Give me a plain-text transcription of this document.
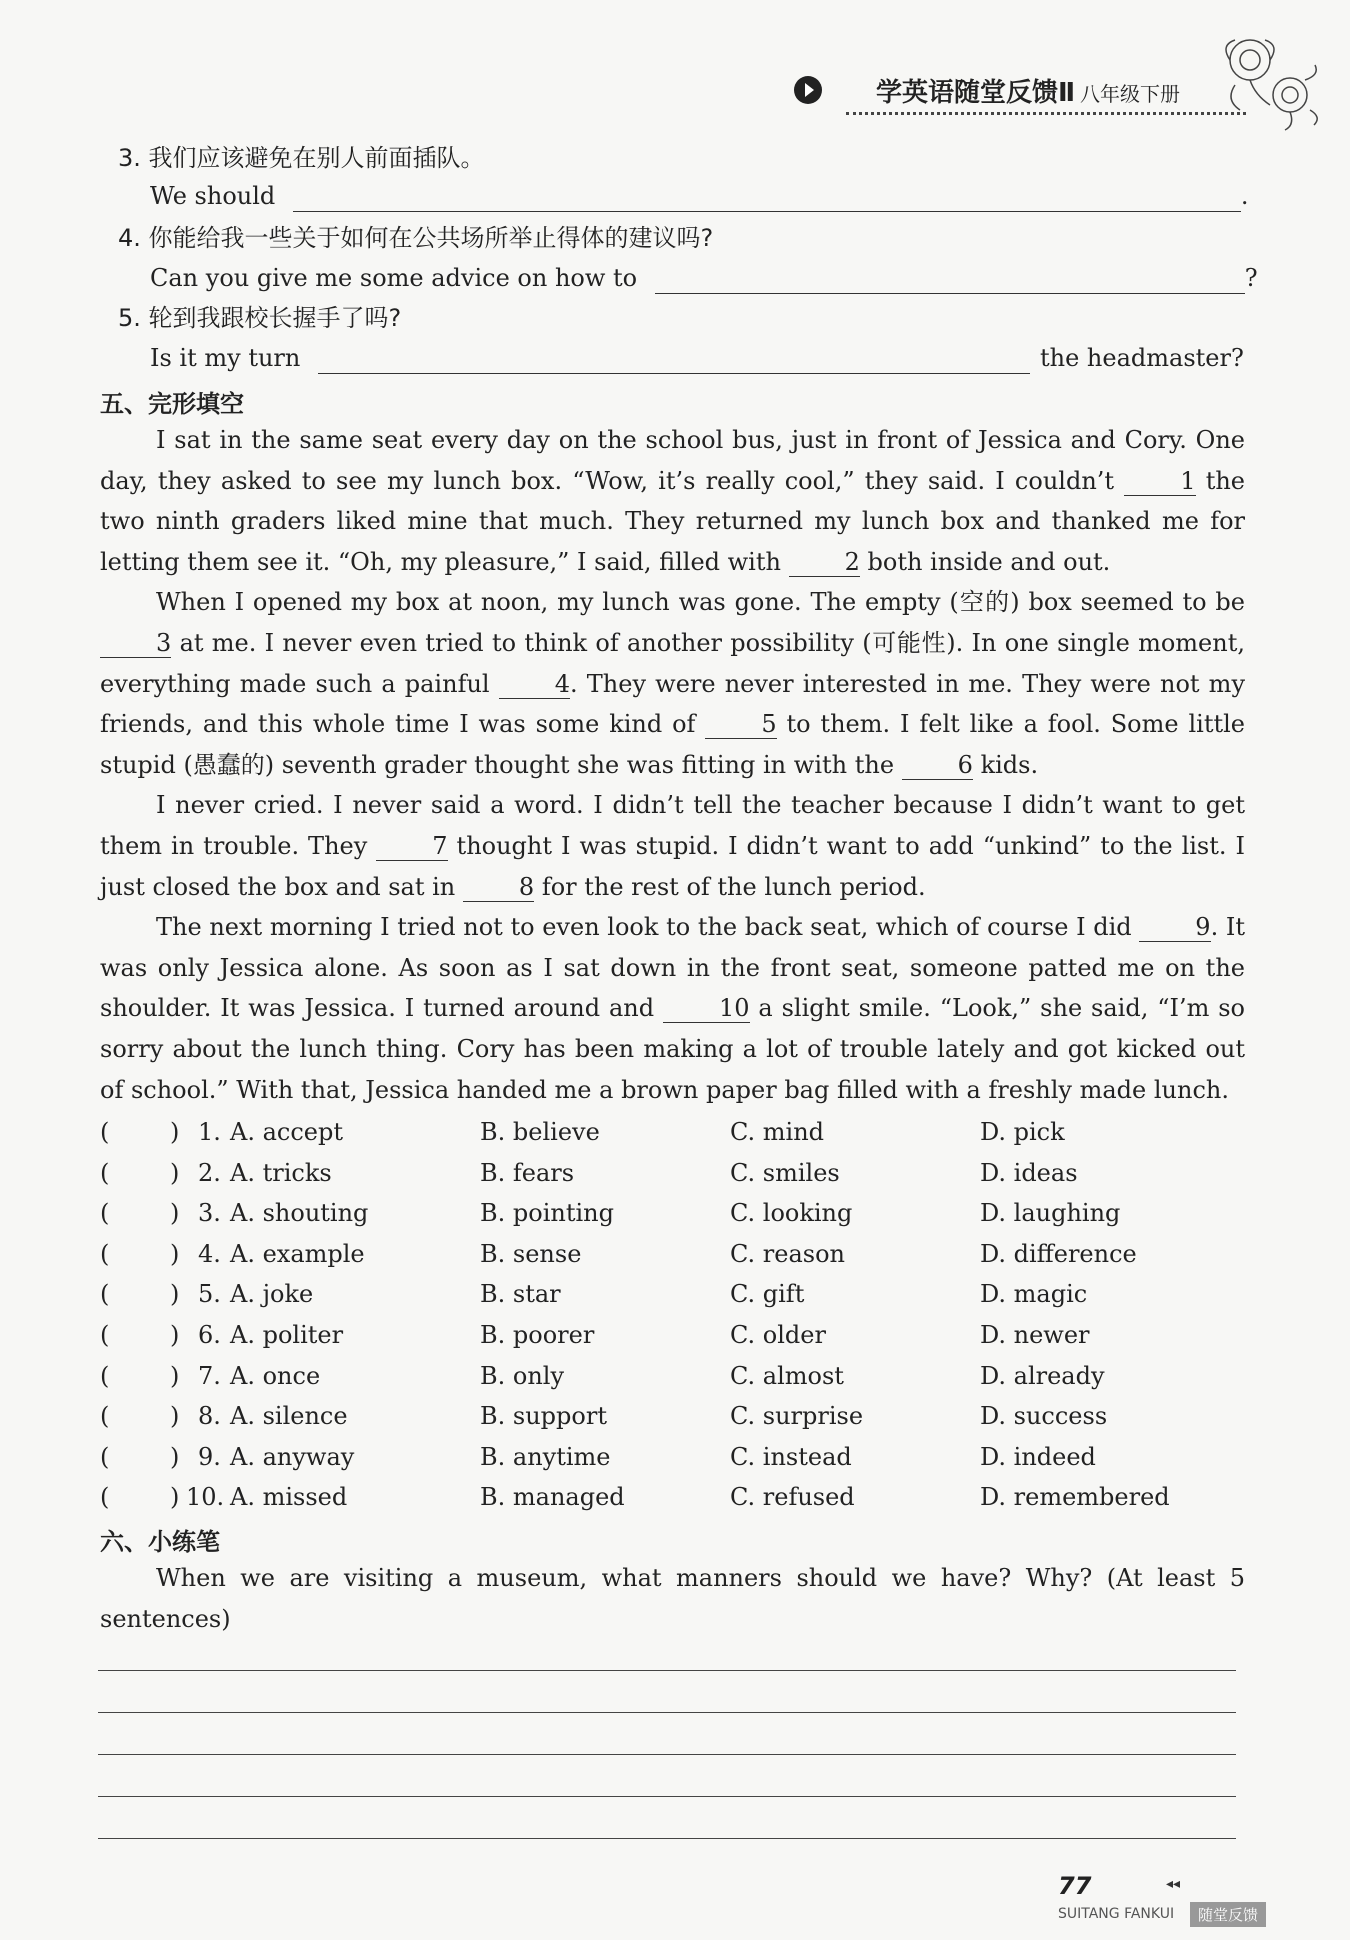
学英语随堂反馈Ⅱ 八年级下册
3. 我们应该避免在别人前面插队。
We should	.
4. 你能给我一些关于如何在公共场所举止得体的建议吗?
Can you give me some advice on how to	?
5. 轮到我跟校长握手了吗?
Is it my turn	the headmaster?
五、完形填空

I sat in the same seat every day on the school bus, just in front of Jessica and Cory. One day, they asked to see my lunch box. “Wow, it’s really cool,” they said. I couldn’t 1 the two ninth graders liked mine that much. They returned my lunch box and thanked me for letting them see it. “Oh, my pleasure,” I said, filled with 2 both inside and out.

When I opened my box at noon, my lunch was gone. The empty (空的) box seemed to be 3 at me. I never even tried to think of another possibility (可能性). In one single moment, everything made such a painful 4. They were never interested in me. They were not my friends, and this whole time I was some kind of 5 to them. I felt like a fool. Some little stupid (愚蠢的) seventh grader thought she was fitting in with the 6 kids.

I never cried. I never said a word. I didn’t tell the teacher because I didn’t want to get them in trouble. They 7 thought I was stupid. I didn’t want to add “unkind” to the list. I just closed the box and sat in 8 for the rest of the lunch period.

The next morning I tried not to even look to the back seat, which of course I did 9. It was only Jessica alone. As soon as I sat down in the front seat, someone patted me on the shoulder. It was Jessica. I turned around and 10 a slight smile. “Look,” she said, “I’m so sorry about the lunch thing. Cory has been making a lot of trouble lately and got kicked out of school.” With that, Jessica handed me a brown paper bag filled with a freshly made lunch.

(	) 1. A. accept	B. believe	C. mind	D. pick
(	) 2. A. tricks	B. fears	C. smiles	D. ideas
(	) 3. A. shouting	B. pointing	C. looking	D. laughing
(	) 4. A. example	B. sense	C. reason	D. difference
(	) 5. A. joke	B. star	C. gift	D. magic
(	) 6. A. politer	B. poorer	C. older	D. newer
(	) 7. A. once	B. only	C. almost	D. already
(	) 8. A. silence	B. support	C. surprise	D. success
(	) 9. A. anyway	B. anytime	C. instead	D. indeed
(	) 10. A. missed	B. managed	C. refused	D. remembered
六、小练笔
When we are visiting a museum, what manners should we have? Why? (At least 5 sentences)
77	◂◂
SUITANG FANKUI	随堂反馈
